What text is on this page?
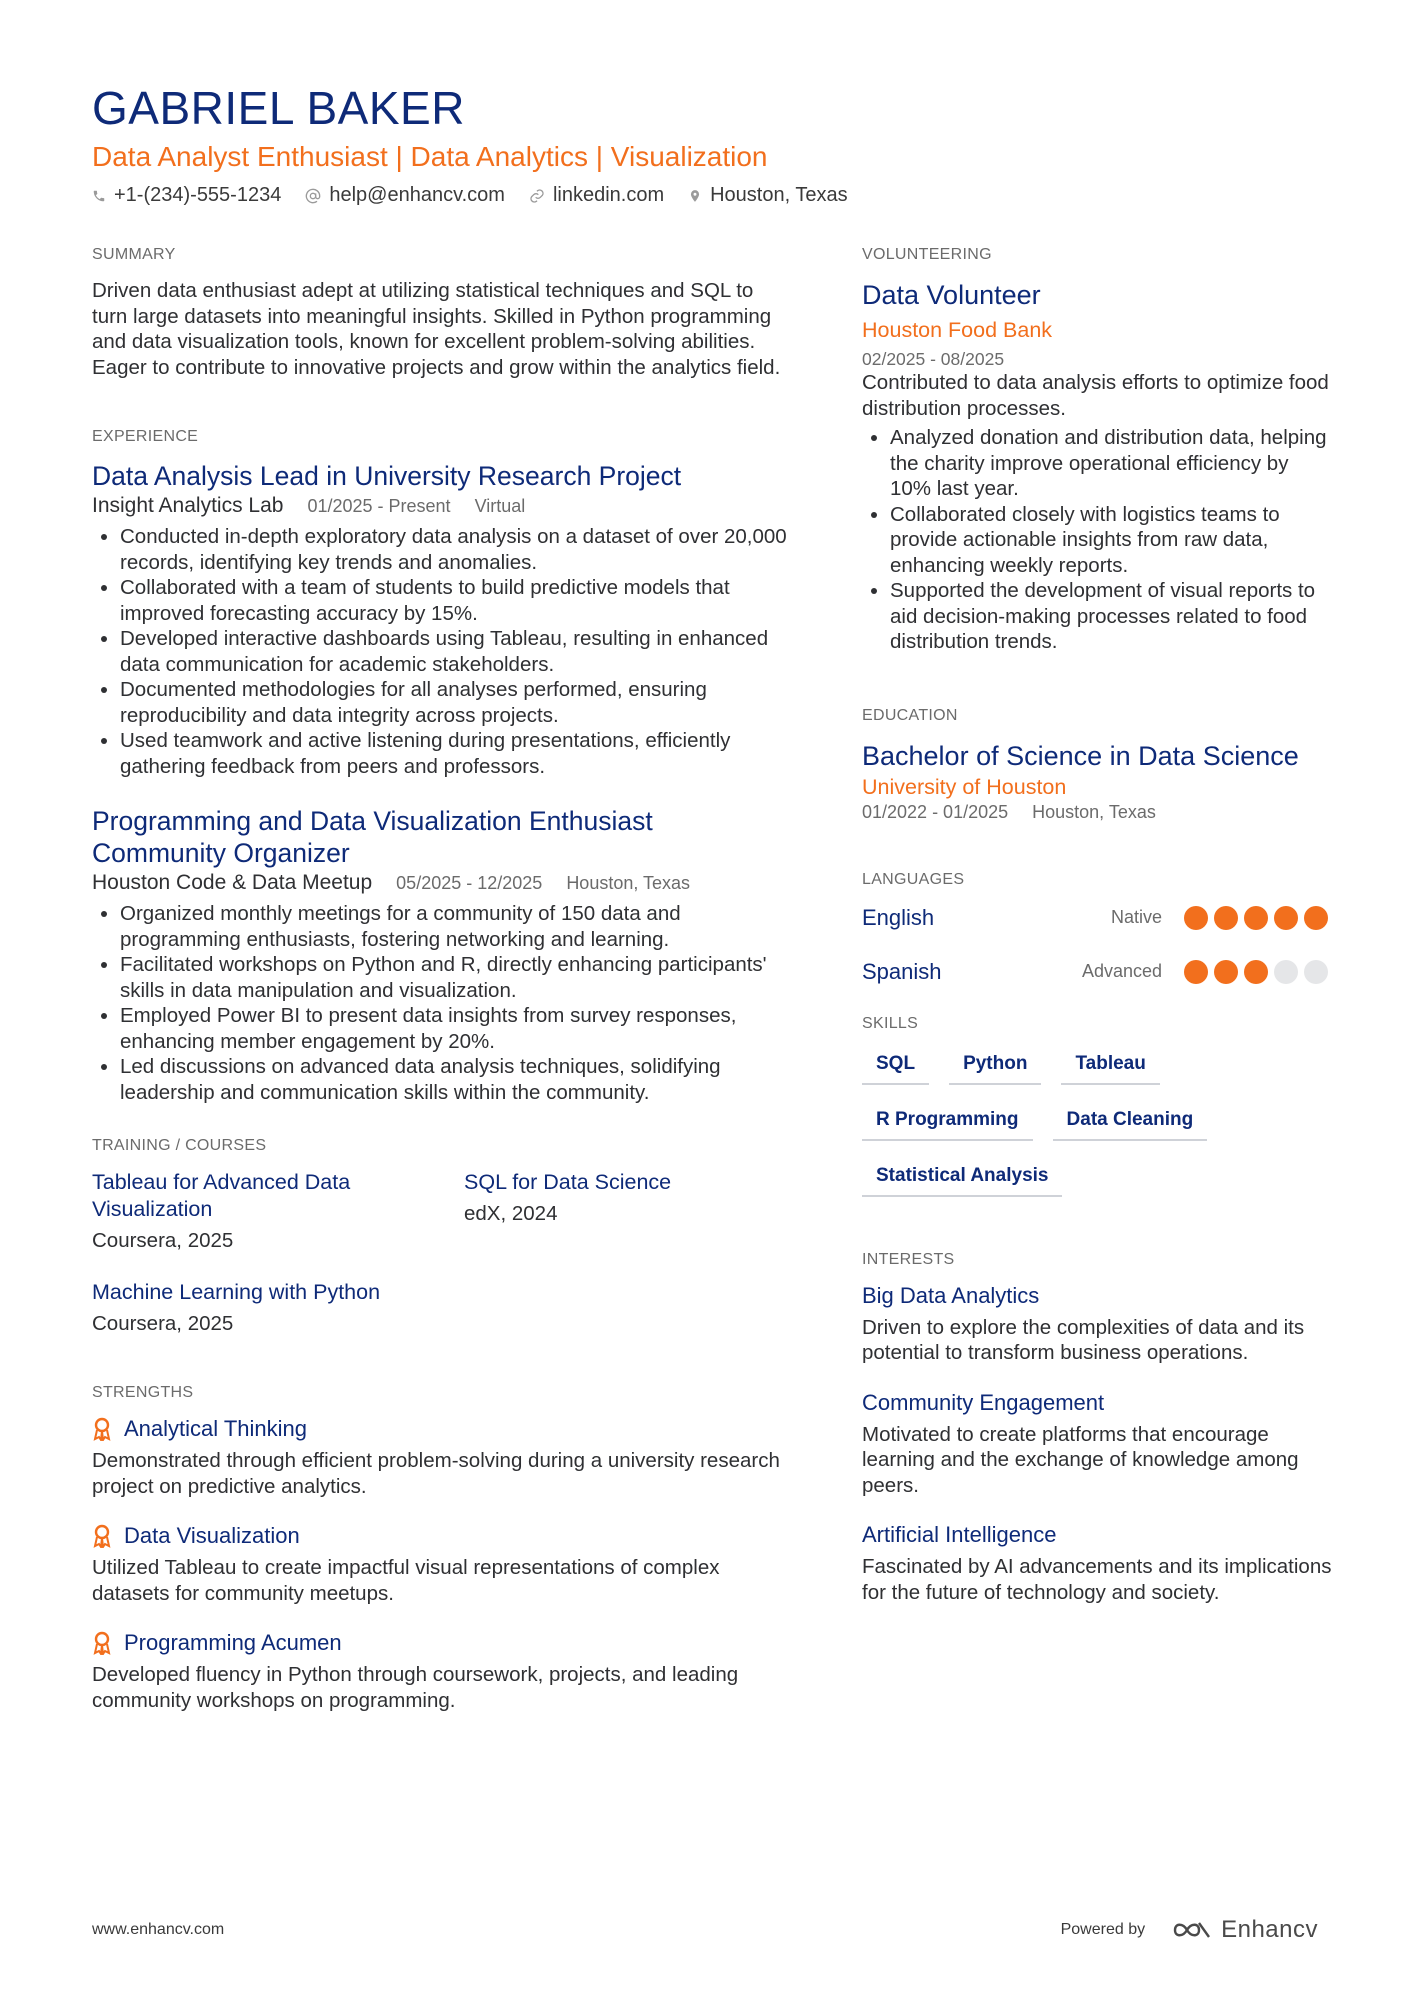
GABRIEL BAKER
Data Analyst Enthusiast | Data Analytics | Visualization
+1-(234)-555-1234 help@enhancv.com linkedin.com Houston, Texas
SUMMARY
Driven data enthusiast adept at utilizing statistical techniques and SQL to turn large datasets into meaningful insights. Skilled in Python programming and data visualization tools, known for excellent problem-solving abilities. Eager to contribute to innovative projects and grow within the analytics field.
EXPERIENCE
Data Analysis Lead in University Research Project
Insight Analytics Lab 01/2025 - Present Virtual
• Conducted in-depth exploratory data analysis on a dataset of over 20,000 records, identifying key trends and anomalies.
• Collaborated with a team of students to build predictive models that improved forecasting accuracy by 15%.
• Developed interactive dashboards using Tableau, resulting in enhanced data communication for academic stakeholders.
• Documented methodologies for all analyses performed, ensuring reproducibility and data integrity across projects.
• Used teamwork and active listening during presentations, efficiently gathering feedback from peers and professors.
Programming and Data Visualization Enthusiast Community Organizer
Houston Code & Data Meetup 05/2025 - 12/2025 Houston, Texas
• Organized monthly meetings for a community of 150 data and programming enthusiasts, fostering networking and learning.
• Facilitated workshops on Python and R, directly enhancing participants' skills in data manipulation and visualization.
• Employed Power BI to present data insights from survey responses, enhancing member engagement by 20%.
• Led discussions on advanced data analysis techniques, solidifying leadership and communication skills within the community.
TRAINING / COURSES
Tableau for Advanced Data Visualization
Coursera, 2025
SQL for Data Science
edX, 2024
Machine Learning with Python
Coursera, 2025
STRENGTHS
Analytical Thinking
Demonstrated through efficient problem-solving during a university research project on predictive analytics.
Data Visualization
Utilized Tableau to create impactful visual representations of complex datasets for community meetups.
Programming Acumen
Developed fluency in Python through coursework, projects, and leading community workshops on programming.
VOLUNTEERING
Data Volunteer
Houston Food Bank
02/2025 - 08/2025
Contributed to data analysis efforts to optimize food distribution processes.
• Analyzed donation and distribution data, helping the charity improve operational efficiency by 10% last year.
• Collaborated closely with logistics teams to provide actionable insights from raw data, enhancing weekly reports.
• Supported the development of visual reports to aid decision-making processes related to food distribution trends.
EDUCATION
Bachelor of Science in Data Science
University of Houston
01/2022 - 01/2025 Houston, Texas
LANGUAGES
English	Native
Spanish	Advanced
SKILLS
SQL	Python	Tableau
R Programming	Data Cleaning
Statistical Analysis
INTERESTS
Big Data Analytics
Driven to explore the complexities of data and its potential to transform business operations.
Community Engagement
Motivated to create platforms that encourage learning and the exchange of knowledge among peers.
Artificial Intelligence
Fascinated by AI advancements and its implications for the future of technology and society.
www.enhancv.com	Powered by	Enhancv
